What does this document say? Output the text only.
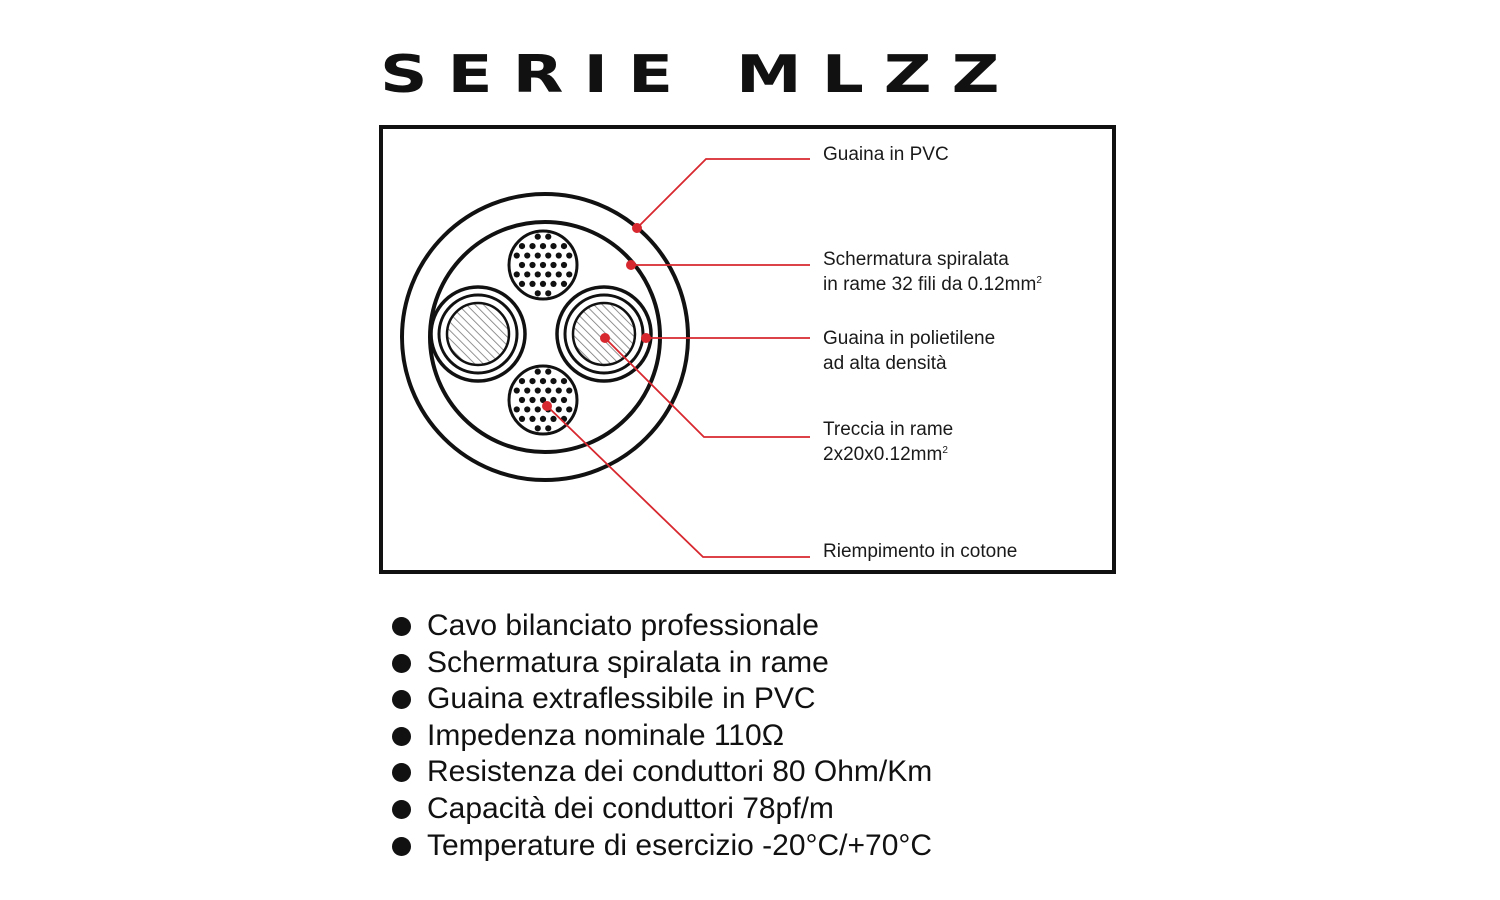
SERIE MLZZ
Guaina in PVC
Schermatura spiralata
in rame 32 fili da $0.12mm^2$
Guaina in polietilene
ad alta densità
Treccia in rame
$2x20x0.12mm^2$
Riempimento in cotone
Cavo bilanciato professionale
Schermatura spiralata in rame
Guaina extraflessibile in PVC
Impedenza nominale 110Ω
Resistenza dei conduttori 80 Ohm/Km
Capacità dei conduttori 78pf/m
Temperature di esercizio -20°C/+70°C
